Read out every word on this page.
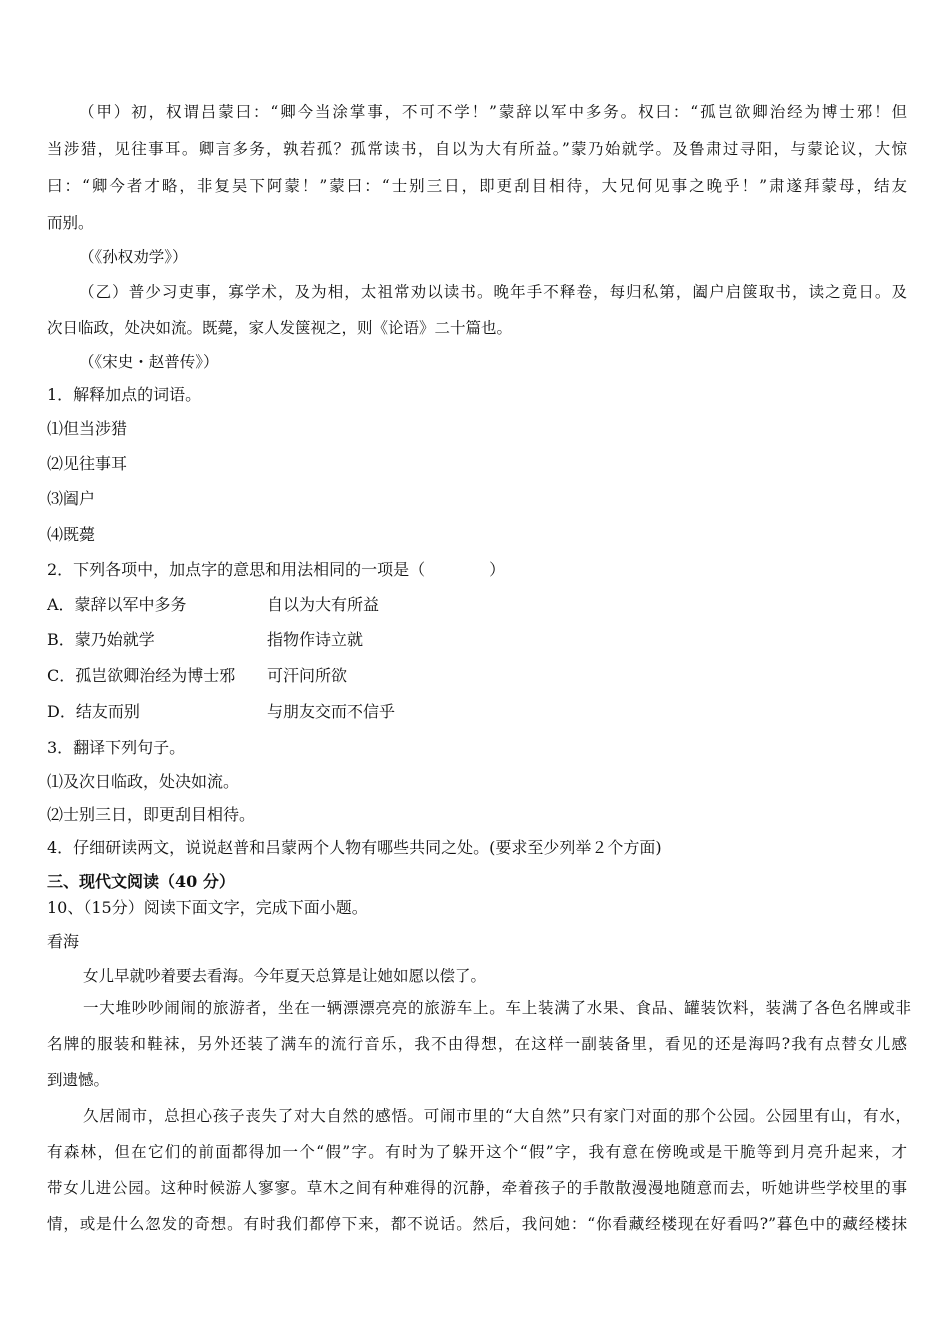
（甲）初，权谓吕蒙曰：“卿今当涂掌事，不可不学！”蒙辞以军中多务。权曰：“孤岂欲卿治经为博士邪！但
当涉猎，见往事耳。卿言多务，孰若孤？孤常读书，自以为大有所益。”蒙乃始就学。及鲁肃过寻阳，与蒙论议，大惊
曰：“卿今者才略，非复吴下阿蒙！”蒙曰：“士别三日，即更刮目相待，大兄何见事之晚乎！”肃遂拜蒙母，结友
而别。
（《孙权劝学》）
（乙）普少习吏事，寡学术，及为相，太祖常劝以读书。晚年手不释卷，每归私第，阖户启箧取书，读之竟日。及
次日临政，处决如流。既薨，家人发箧视之，则《论语》二十篇也。
（《宋史・赵普传》）
1．解释加点的词语。
⑴但当涉猎
⑵见往事耳
⑶阖户
⑷既薨
2．下列各项中，加点字的意思和用法相同的一项是（　　　　）
A．蒙辞以军中多务	自以为大有所益
B．蒙乃始就学	指物作诗立就
C．孤岂欲卿治经为博士邪 可汗问所欲
D．结友而别	与朋友交而不信乎
3．翻译下列句子。
⑴及次日临政，处决如流。
⑵士别三日，即更刮目相待。
4．仔细研读两文，说说赵普和吕蒙两个人物有哪些共同之处。(要求至少列举２个方面)
三、现代文阅读（40 分）
10、（15分）阅读下面文字，完成下面小题。
看海
女儿早就吵着要去看海。今年夏天总算是让她如愿以偿了。
一大堆吵吵闹闹的旅游者，坐在一辆漂漂亮亮的旅游车上。车上装满了水果、食品、罐装饮料，装满了各色名牌或非
名牌的服装和鞋袜，另外还装了满车的流行音乐，我不由得想，在这样一副装备里，看见的还是海吗?我有点替女儿感
到遗憾。
久居闹市，总担心孩子丧失了对大自然的感悟。可闹市里的“大自然”只有家门对面的那个公园。公园里有山，有水，
有森林，但在它们的前面都得加一个“假”字。有时为了躲开这个“假”字，我有意在傍晚或是干脆等到月亮升起来，才
带女儿进公园。这种时候游人寥寥。草木之间有种难得的沉静，牵着孩子的手散散漫漫地随意而去，听她讲些学校里的事
情，或是什么忽发的奇想。有时我们都停下来，都不说话。然后，我问她：“你看藏经楼现在好看吗?”暮色中的藏经楼抹
